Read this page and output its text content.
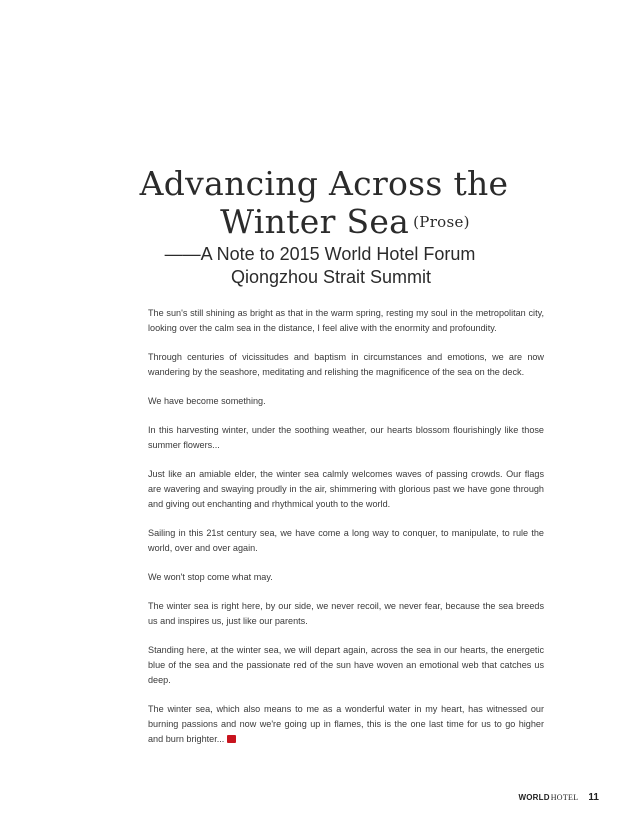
Advancing Across the
Winter Sea (Prose)

——A Note to 2015 World Hotel Forum

Qiongzhou Strait Summit

The sun's still shining as bright as that in the warm spring, resting my soul in the metropolitan city, looking over the calm sea in the distance, I feel alive with the enormity and profoundity.

Through centuries of vicissitudes and baptism in circumstances and emotions, we are now wandering by the seashore, meditating and relishing the magnificence of the sea on the deck.

We have become something.

In this harvesting winter, under the soothing weather, our hearts blossom flourishingly like those summer flowers...

Just like an amiable elder, the winter sea calmly welcomes waves of passing crowds. Our flags are wavering and swaying proudly in the air, shimmering with glorious past we have gone through and giving out enchanting and rhythmical youth to the world.

Sailing in this 21st century sea, we have come a long way to conquer, to manipulate, to rule the world, over and over again.

We won't stop come what may.

The winter sea is right here, by our side, we never recoil, we never fear, because the sea breeds us and inspires us, just like our parents.

Standing here, at the winter sea, we will depart again, across the sea in our hearts, the energetic blue of the sea and the passionate red of the sun have woven an emotional web that catches us deep.

The winter sea, which also means to me as a wonderful water in my heart, has witnessed our burning passions and now we're going up in flames, this is the one last time for us to go higher and burn brighter...

WORLDHOTEL 11
